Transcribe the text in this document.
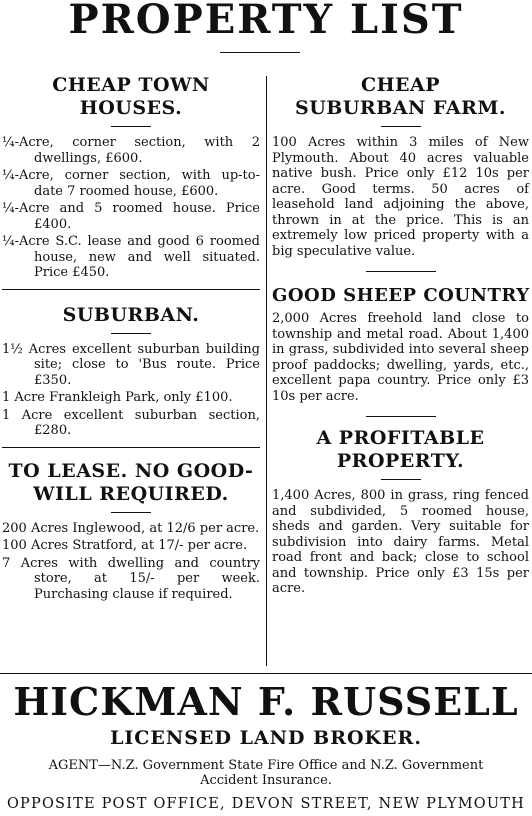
PROPERTY LIST
CHEAP TOWN HOUSES.
¼-Acre, corner section, with 2 dwellings, £600.
¼-Acre, corner section, with up-to-date 7 roomed house, £600.
¼-Acre and 5 roomed house. Price £400.
¼-Acre S.C. lease and good 6 roomed house, new and well situated. Price £450.
SUBURBAN.
1½ Acres excellent suburban building site; close to 'Bus route. Price £350.
1 Acre Frankleigh Park, only £100.
1 Acre excellent suburban section, £280.
TO LEASE. NO GOOD-WILL REQUIRED.
200 Acres Inglewood, at 12/6 per acre.
100 Acres Stratford, at 17/- per acre.
7 Acres with dwelling and country store, at 15/- per week. Purchasing clause if required.
CHEAP SUBURBAN FARM.
100 Acres within 3 miles of New Plymouth. About 40 acres valuable native bush. Price only £12 10s per acre. Good terms. 50 acres of leasehold land adjoining the above, thrown in at the price. This is an extremely low priced property with a big speculative value.
GOOD SHEEP COUNTRY
2,000 Acres freehold land close to township and metal road. About 1,400 in grass, subdivided into several sheep proof paddocks; dwelling, yards, etc., excellent papa country. Price only £3 10s per acre.
A PROFITABLE PROPERTY.
1,400 Acres, 800 in grass, ring fenced and subdivided, 5 roomed house, sheds and garden. Very suitable for subdivision into dairy farms. Metal road front and back; close to school and township. Price only £3 15s per acre.
HICKMAN F. RUSSELL
LICENSED LAND BROKER.
AGENT—N.Z. Government State Fire Office and N.Z. Government Accident Insurance.
OPPOSITE POST OFFICE, DEVON STREET, NEW PLYMOUTH
